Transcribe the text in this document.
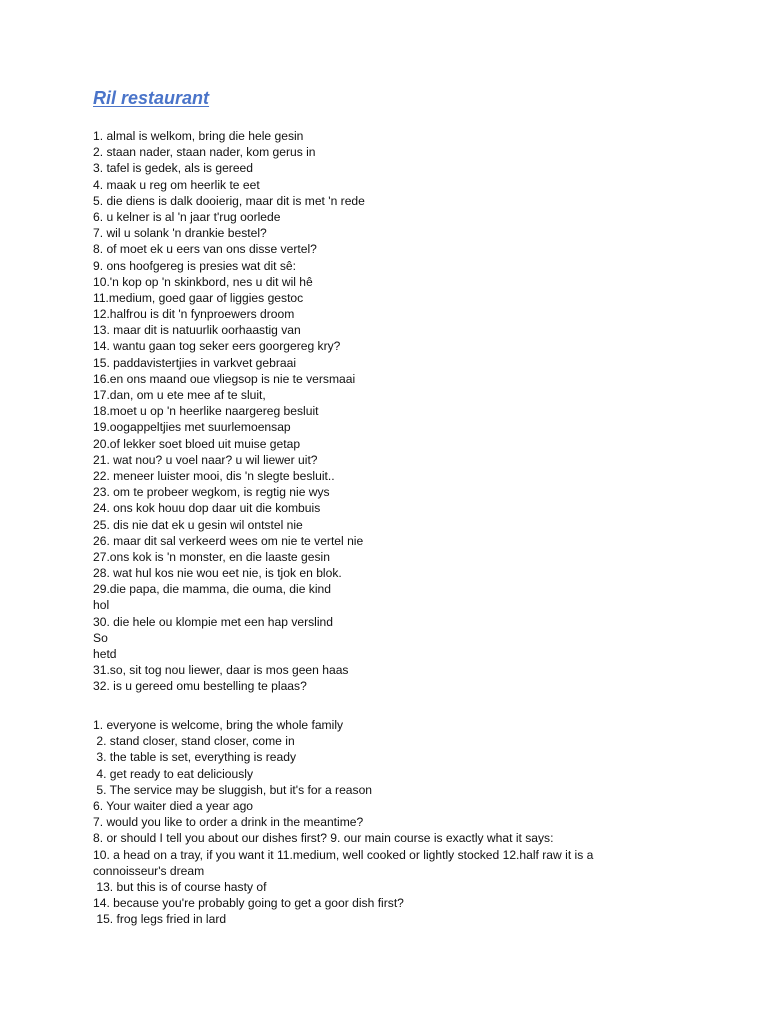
Ril restaurant
1. almal is welkom, bring die hele gesin
2. staan nader, staan nader, kom gerus in
3. tafel is gedek, als is gereed
4. maak u reg om heerlik te eet
5. die diens is dalk dooierig, maar dit is met 'n rede
6. u kelner is al 'n jaar t'rug oorlede
7. wil u solank 'n drankie bestel?
8. of moet ek u eers van ons disse vertel?
9. ons hoofgereg is presies wat dit sê:
10.'n kop op 'n skinkbord, nes u dit wil hê
11.medium, goed gaar of liggies gestoc
12.halfrou is dit 'n fynproewers droom
13. maar dit is natuurlik oorhaastig van
14. wantu gaan tog seker eers goorgereg kry?
15. paddavistertjies in varkvet gebraai
16.en ons maand oue vliegsop is nie te versmaai
17.dan, om u ete mee af te sluit,
18.moet u op 'n heerlike naargereg besluit
19.oogappeltjies met suurlemoensap
20.of lekker soet bloed uit muise getap
21. wat nou? u voel naar? u wil liewer uit?
22. meneer luister mooi, dis 'n slegte besluit..
23. om te probeer wegkom, is regtig nie wys
24. ons kok houu dop daar uit die kombuis
25. dis nie dat ek u gesin wil ontstel nie
26. maar dit sal verkeerd wees om nie te vertel nie
27.ons kok is 'n monster, en die laaste gesin
28. wat hul kos nie wou eet nie, is tjok en blok.
29.die papa, die mamma, die ouma, die kind
hol
30. die hele ou klompie met een hap verslind
So
hetd
31.so, sit tog nou liewer, daar is mos geen haas
32. is u gereed omu bestelling te plaas?
1. everyone is welcome, bring the whole family
2. stand closer, stand closer, come in
3. the table is set, everything is ready
4. get ready to eat deliciously
5. The service may be sluggish, but it's for a reason
6. Your waiter died a year ago
7. would you like to order a drink in the meantime?
8. or should I tell you about our dishes first? 9. our main course is exactly what it says:
10. a head on a tray, if you want it 11.medium, well cooked or lightly stocked 12.half raw it is a connoisseur's dream
13. but this is of course hasty of
14. because you're probably going to get a goor dish first?
15. frog legs fried in lard
